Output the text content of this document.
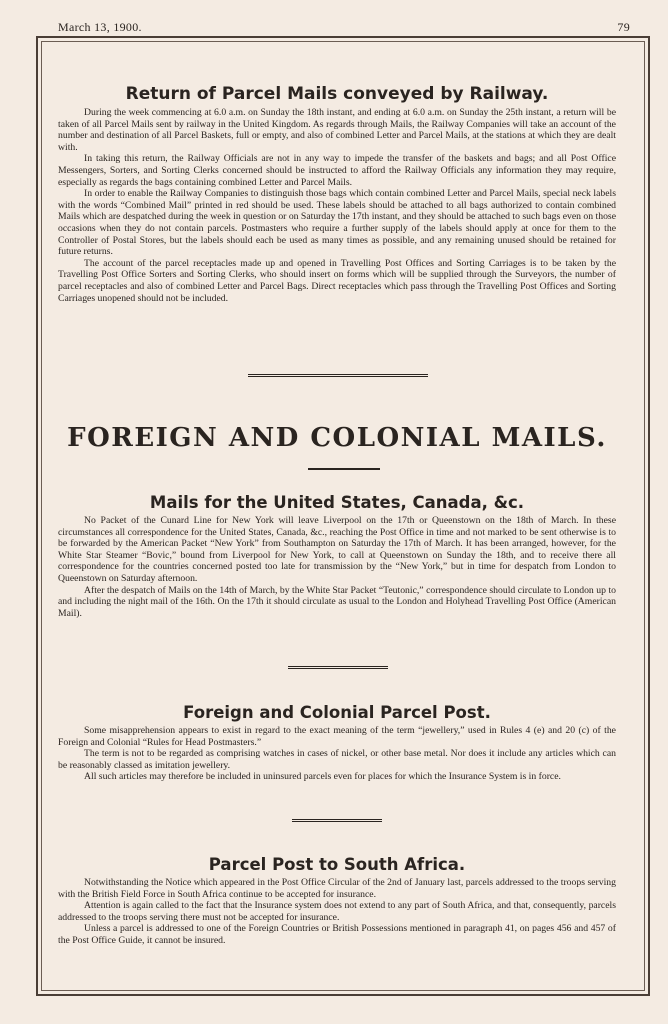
March 13, 1900.	79
Return of Parcel Mails conveyed by Railway.

During the week commencing at 6.0 a.m. on Sunday the 18th instant, and ending at 6.0 a.m. on Sunday the 25th instant, a return will be taken of all Parcel Mails sent by railway in the United Kingdom. As regards through Mails, the Railway Companies will take an account of the number and destination of all Parcel Baskets, full or empty, and also of combined Letter and Parcel Mails, at the stations at which they are dealt with.

In taking this return, the Railway Officials are not in any way to impede the transfer of the baskets and bags; and all Post Office Messengers, Sorters, and Sorting Clerks concerned should be instructed to afford the Railway Officials any information they may require, especially as regards the bags containing combined Letter and Parcel Mails.

In order to enable the Railway Companies to distinguish those bags which contain combined Letter and Parcel Mails, special neck labels with the words “Combined Mail” printed in red should be used. These labels should be attached to all bags authorized to contain combined Mails which are despatched during the week in question or on Saturday the 17th instant, and they should be attached to such bags even on those occasions when they do not contain parcels. Postmasters who require a further supply of the labels should apply at once for them to the Controller of Postal Stores, but the labels should each be used as many times as possible, and any remaining unused should be retained for future returns.

The account of the parcel receptacles made up and opened in Travelling Post Offices and Sorting Carriages is to be taken by the Travelling Post Office Sorters and Sorting Clerks, who should insert on forms which will be supplied through the Surveyors, the number of parcel receptacles and also of combined Letter and Parcel Bags. Direct receptacles which pass through the Travelling Post Offices and Sorting Carriages unopened should not be included.

FOREIGN AND COLONIAL MAILS.
Mails for the United States, Canada, &c.

No Packet of the Cunard Line for New York will leave Liverpool on the 17th or Queenstown on the 18th of March. In these circumstances all correspondence for the United States, Canada, &c., reaching the Post Office in time and not marked to be sent otherwise is to be forwarded by the American Packet “New York” from Southampton on Saturday the 17th of March. It has been arranged, however, for the White Star Steamer “Bovic,” bound from Liverpool for New York, to call at Queenstown on Sunday the 18th, and to receive there all correspondence for the countries concerned posted too late for transmission by the “New York,” but in time for despatch from London to Queenstown on Saturday afternoon.

After the despatch of Mails on the 14th of March, by the White Star Packet “Teutonic,” correspondence should circulate to London up to and including the night mail of the 16th. On the 17th it should circulate as usual to the London and Holyhead Travelling Post Office (American Mail).

Foreign and Colonial Parcel Post.

Some misapprehension appears to exist in regard to the exact meaning of the term “jewellery,” used in Rules 4 (e) and 20 (c) of the Foreign and Colonial “Rules for Head Postmasters.”

The term is not to be regarded as comprising watches in cases of nickel, or other base metal. Nor does it include any articles which can be reasonably classed as imitation jewellery.

All such articles may therefore be included in uninsured parcels even for places for which the Insurance System is in force.

Parcel Post to South Africa.

Notwithstanding the Notice which appeared in the Post Office Circular of the 2nd of January last, parcels addressed to the troops serving with the British Field Force in South Africa continue to be accepted for insurance.

Attention is again called to the fact that the Insurance system does not extend to any part of South Africa, and that, consequently, parcels addressed to the troops serving there must not be accepted for insurance.

Unless a parcel is addressed to one of the Foreign Countries or British Possessions mentioned in paragraph 41, on pages 456 and 457 of the Post Office Guide, it cannot be insured.
